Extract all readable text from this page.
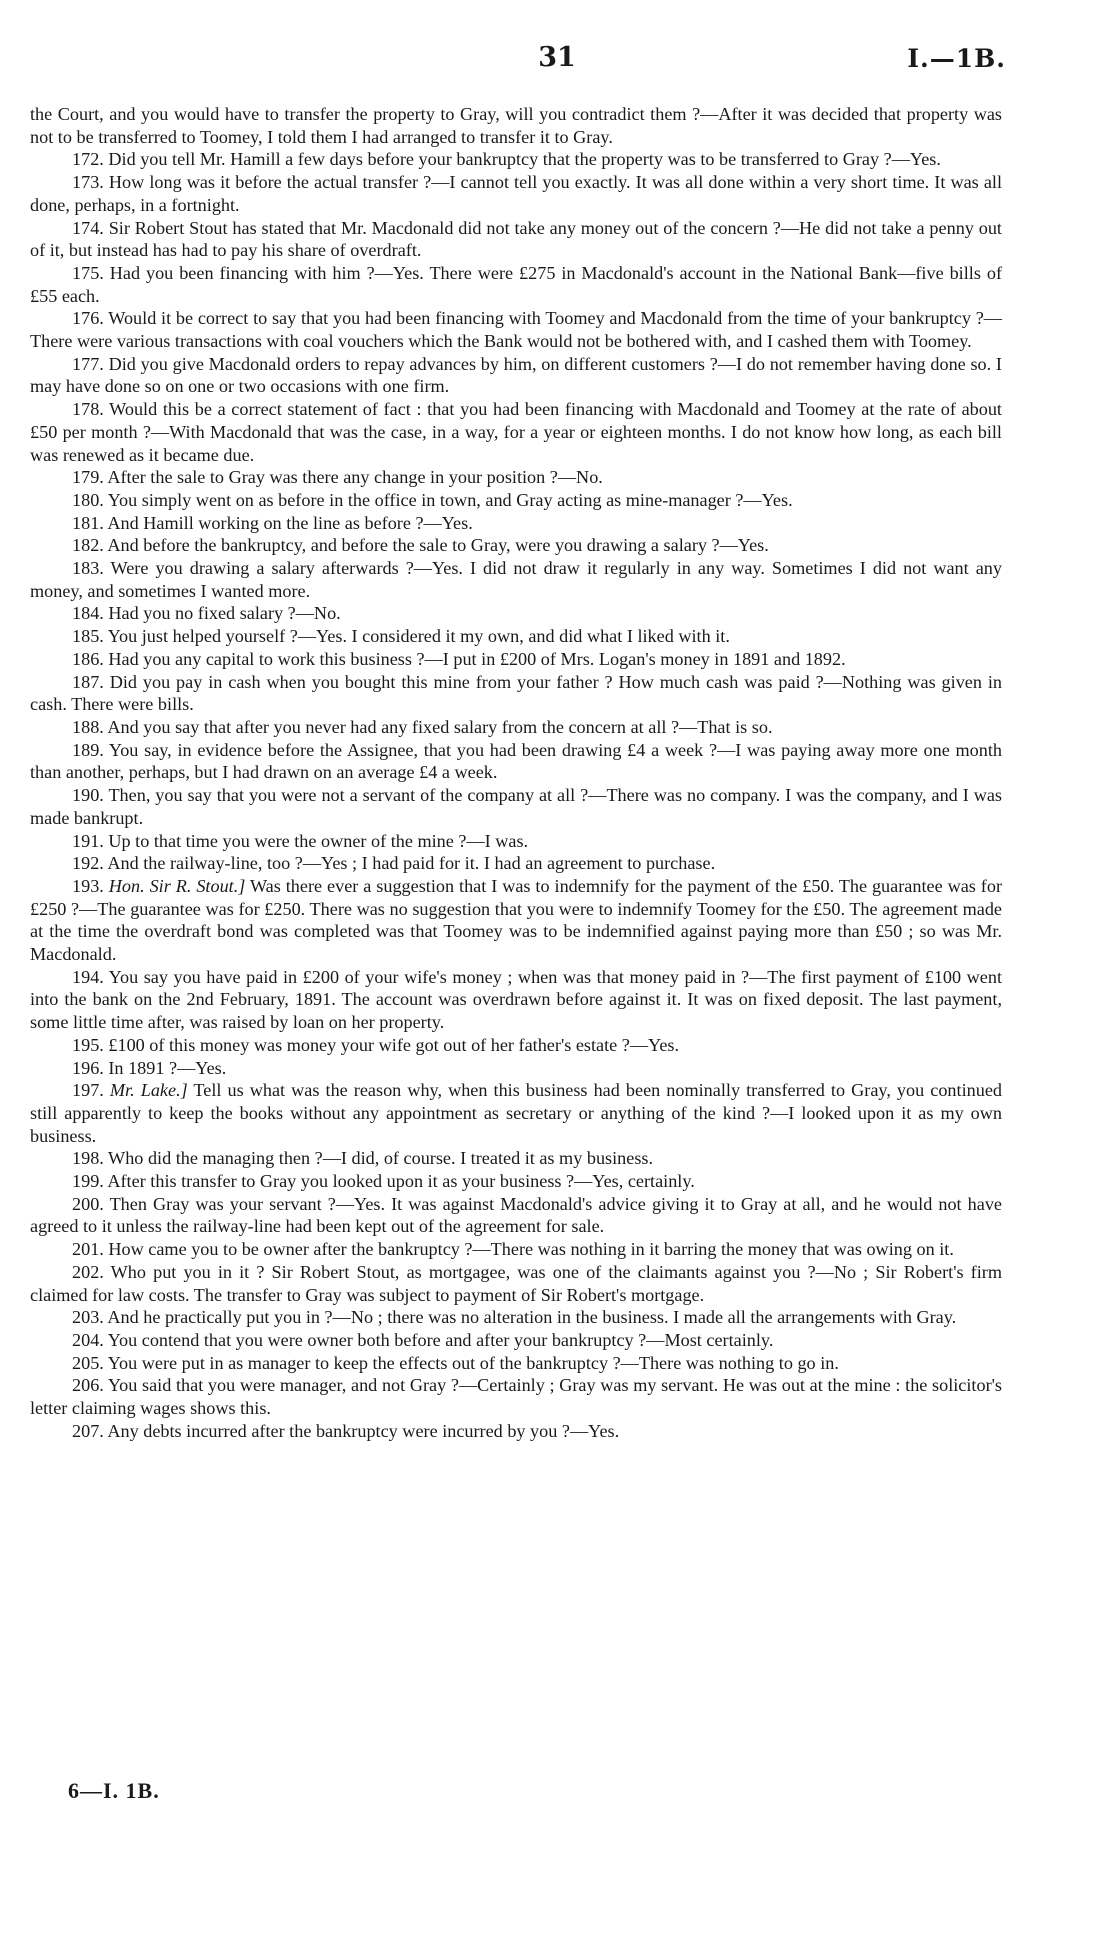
31	I.—1B.

the Court, and you would have to transfer the property to Gray, will you contradict them ?—After it was decided that property was not to be transferred to Toomey, I told them I had arranged to transfer it to Gray.

172. Did you tell Mr. Hamill a few days before your bankruptcy that the property was to be transferred to Gray ?—Yes.

173. How long was it before the actual transfer ?—I cannot tell you exactly. It was all done within a very short time. It was all done, perhaps, in a fortnight.

174. Sir Robert Stout has stated that Mr. Macdonald did not take any money out of the concern ?—He did not take a penny out of it, but instead has had to pay his share of overdraft.

175. Had you been financing with him ?—Yes. There were £275 in Macdonald's account in the National Bank—five bills of £55 each.

176. Would it be correct to say that you had been financing with Toomey and Macdonald from the time of your bankruptcy ?—There were various transactions with coal vouchers which the Bank would not be bothered with, and I cashed them with Toomey.

177. Did you give Macdonald orders to repay advances by him, on different customers ?—I do not remember having done so. I may have done so on one or two occasions with one firm.

178. Would this be a correct statement of fact : that you had been financing with Macdonald and Toomey at the rate of about £50 per month ?—With Macdonald that was the case, in a way, for a year or eighteen months. I do not know how long, as each bill was renewed as it became due.

179. After the sale to Gray was there any change in your position ?—No.

180. You simply went on as before in the office in town, and Gray acting as mine-manager ?—Yes.

181. And Hamill working on the line as before ?—Yes.

182. And before the bankruptcy, and before the sale to Gray, were you drawing a salary ?—Yes.

183. Were you drawing a salary afterwards ?—Yes. I did not draw it regularly in any way. Sometimes I did not want any money, and sometimes I wanted more.

184. Had you no fixed salary ?—No.

185. You just helped yourself ?—Yes. I considered it my own, and did what I liked with it.

186. Had you any capital to work this business ?—I put in £200 of Mrs. Logan's money in 1891 and 1892.

187. Did you pay in cash when you bought this mine from your father ? How much cash was paid ?—Nothing was given in cash. There were bills.

188. And you say that after you never had any fixed salary from the concern at all ?—That is so.

189. You say, in evidence before the Assignee, that you had been drawing £4 a week ?—I was paying away more one month than another, perhaps, but I had drawn on an average £4 a week.

190. Then, you say that you were not a servant of the company at all ?—There was no company. I was the company, and I was made bankrupt.

191. Up to that time you were the owner of the mine ?—I was.

192. And the railway-line, too ?—Yes ; I had paid for it. I had an agreement to purchase.

193. Hon. Sir R. Stout.] Was there ever a suggestion that I was to indemnify for the payment of the £50. The guarantee was for £250 ?—The guarantee was for £250. There was no suggestion that you were to indemnify Toomey for the £50. The agreement made at the time the overdraft bond was completed was that Toomey was to be indemnified against paying more than £50 ; so was Mr. Macdonald.

194. You say you have paid in £200 of your wife's money ; when was that money paid in ?—The first payment of £100 went into the bank on the 2nd February, 1891. The account was overdrawn before against it. It was on fixed deposit. The last payment, some little time after, was raised by loan on her property.

195. £100 of this money was money your wife got out of her father's estate ?—Yes.

196. In 1891 ?—Yes.

197. Mr. Lake.] Tell us what was the reason why, when this business had been nominally transferred to Gray, you continued still apparently to keep the books without any appointment as secretary or anything of the kind ?—I looked upon it as my own business.

198. Who did the managing then ?—I did, of course. I treated it as my business.

199. After this transfer to Gray you looked upon it as your business ?—Yes, certainly.

200. Then Gray was your servant ?—Yes. It was against Macdonald's advice giving it to Gray at all, and he would not have agreed to it unless the railway-line had been kept out of the agreement for sale.

201. How came you to be owner after the bankruptcy ?—There was nothing in it barring the money that was owing on it.

202. Who put you in it ? Sir Robert Stout, as mortgagee, was one of the claimants against you ?—No ; Sir Robert's firm claimed for law costs. The transfer to Gray was subject to payment of Sir Robert's mortgage.

203. And he practically put you in ?—No ; there was no alteration in the business. I made all the arrangements with Gray.

204. You contend that you were owner both before and after your bankruptcy ?—Most certainly.

205. You were put in as manager to keep the effects out of the bankruptcy ?—There was nothing to go in.

206. You said that you were manager, and not Gray ?—Certainly ; Gray was my servant. He was out at the mine : the solicitor's letter claiming wages shows this.

207. Any debts incurred after the bankruptcy were incurred by you ?—Yes.

6—I. 1B.
